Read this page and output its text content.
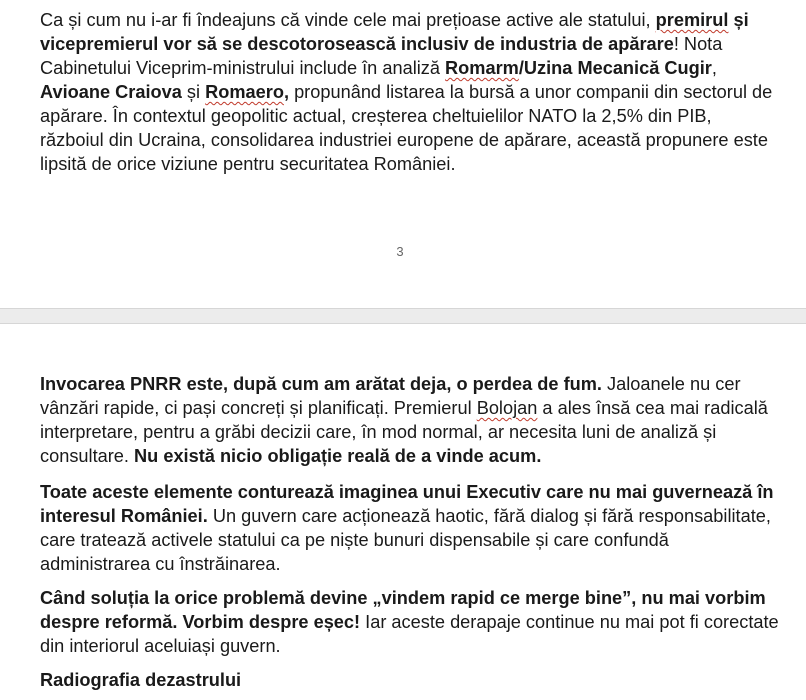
Ca și cum nu i-ar fi îndeajuns că vinde cele mai prețioase active ale statului, premirul și vicepremierul vor să se descotorosească inclusiv de industria de apărare! Nota Cabinetului Viceprim-ministrului include în analiză Romarm/Uzina Mecanică Cugir, Avioane Craiova și Romaero, propunând listarea la bursă a unor companii din sectorul de apărare. În contextul geopolitic actual, creșterea cheltuielilor NATO la 2,5% din PIB, războiul din Ucraina, consolidarea industriei europene de apărare, această propunere este lipsită de orice viziune pentru securitatea României.

3

Invocarea PNRR este, după cum am arătat deja, o perdea de fum. Jaloanele nu cer vânzări rapide, ci pași concreți și planificați. Premierul Bolojan a ales însă cea mai radicală interpretare, pentru a grăbi decizii care, în mod normal, ar necesita luni de analiză și consultare. Nu există nicio obligație reală de a vinde acum.

Toate aceste elemente conturează imaginea unui Executiv care nu mai guvernează în interesul României. Un guvern care acționează haotic, fără dialog și fără responsabilitate, care tratează activele statului ca pe niște bunuri dispensabile și care confundă administrarea cu înstrăinarea.

Când soluția la orice problemă devine „vindem rapid ce merge bine”, nu mai vorbim despre reformă. Vorbim despre eșec! Iar aceste derapaje continue nu mai pot fi corectate din interiorul aceluiași guvern.

Radiografia dezastrului
